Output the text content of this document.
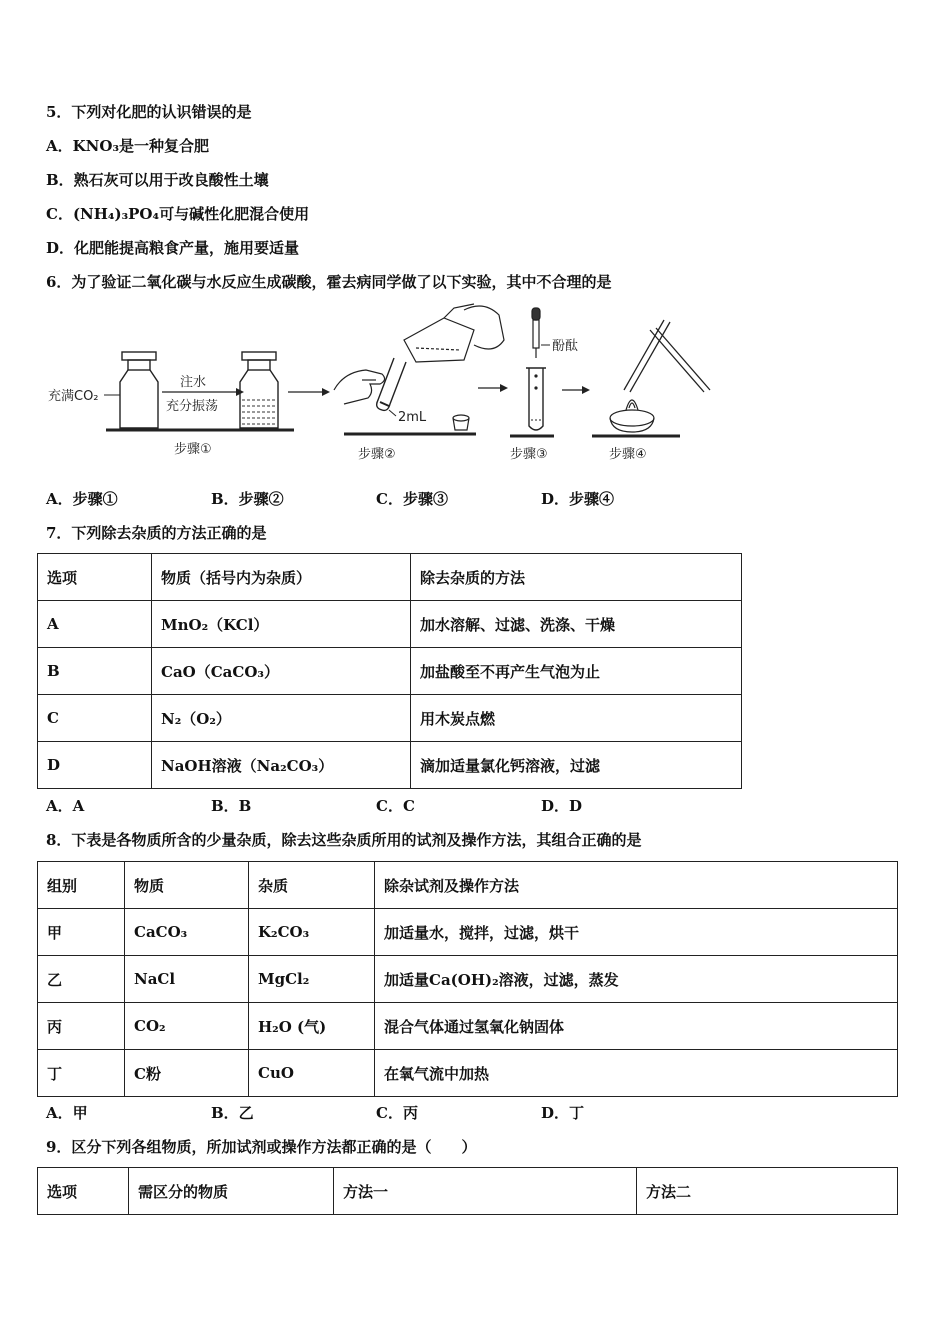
5．下列对化肥的认识错误的是
A．KNO₃是一种复合肥
B．熟石灰可以用于改良酸性土壤
C．(NH₄)₃PO₄可与碱性化肥混合使用
D．化肥能提高粮食产量，施用要适量
6．为了验证二氧化碳与水反应生成碳酸，霍去病同学做了以下实验，其中不合理的是
充满CO₂
注水
充分振荡
步骤①
2mL
步骤②
酚酞
步骤③	步骤④
A．步骤①	B．步骤②	C．步骤③	D．步骤④
7．下列除去杂质的方法正确的是
选项	物质（括号内为杂质）	除去杂质的方法
A	MnO₂（KCl）	加水溶解、过滤、洗涤、干燥
B	CaO（CaCO₃）	加盐酸至不再产生气泡为止
C	N₂（O₂）	用木炭点燃
D	NaOH溶液（Na₂CO₃）	滴加适量氯化钙溶液，过滤
A．A	B．B	C．C	D．D
8．下表是各物质所含的少量杂质，除去这些杂质所用的试剂及操作方法，其组合正确的是
组别	物质	杂质	除杂试剂及操作方法
甲	CaCO₃	K₂CO₃	加适量水，搅拌，过滤，烘干
乙	NaCl	MgCl₂	加适量Ca(OH)₂溶液，过滤，蒸发
丙	CO₂	H₂O (气)	混合气体通过氢氧化钠固体
丁	C粉	CuO	在氧气流中加热
A．甲	B．乙	C．丙	D．丁
9．区分下列各组物质，所加试剂或操作方法都正确的是（　　）
选项	需区分的物质	方法一	方法二
